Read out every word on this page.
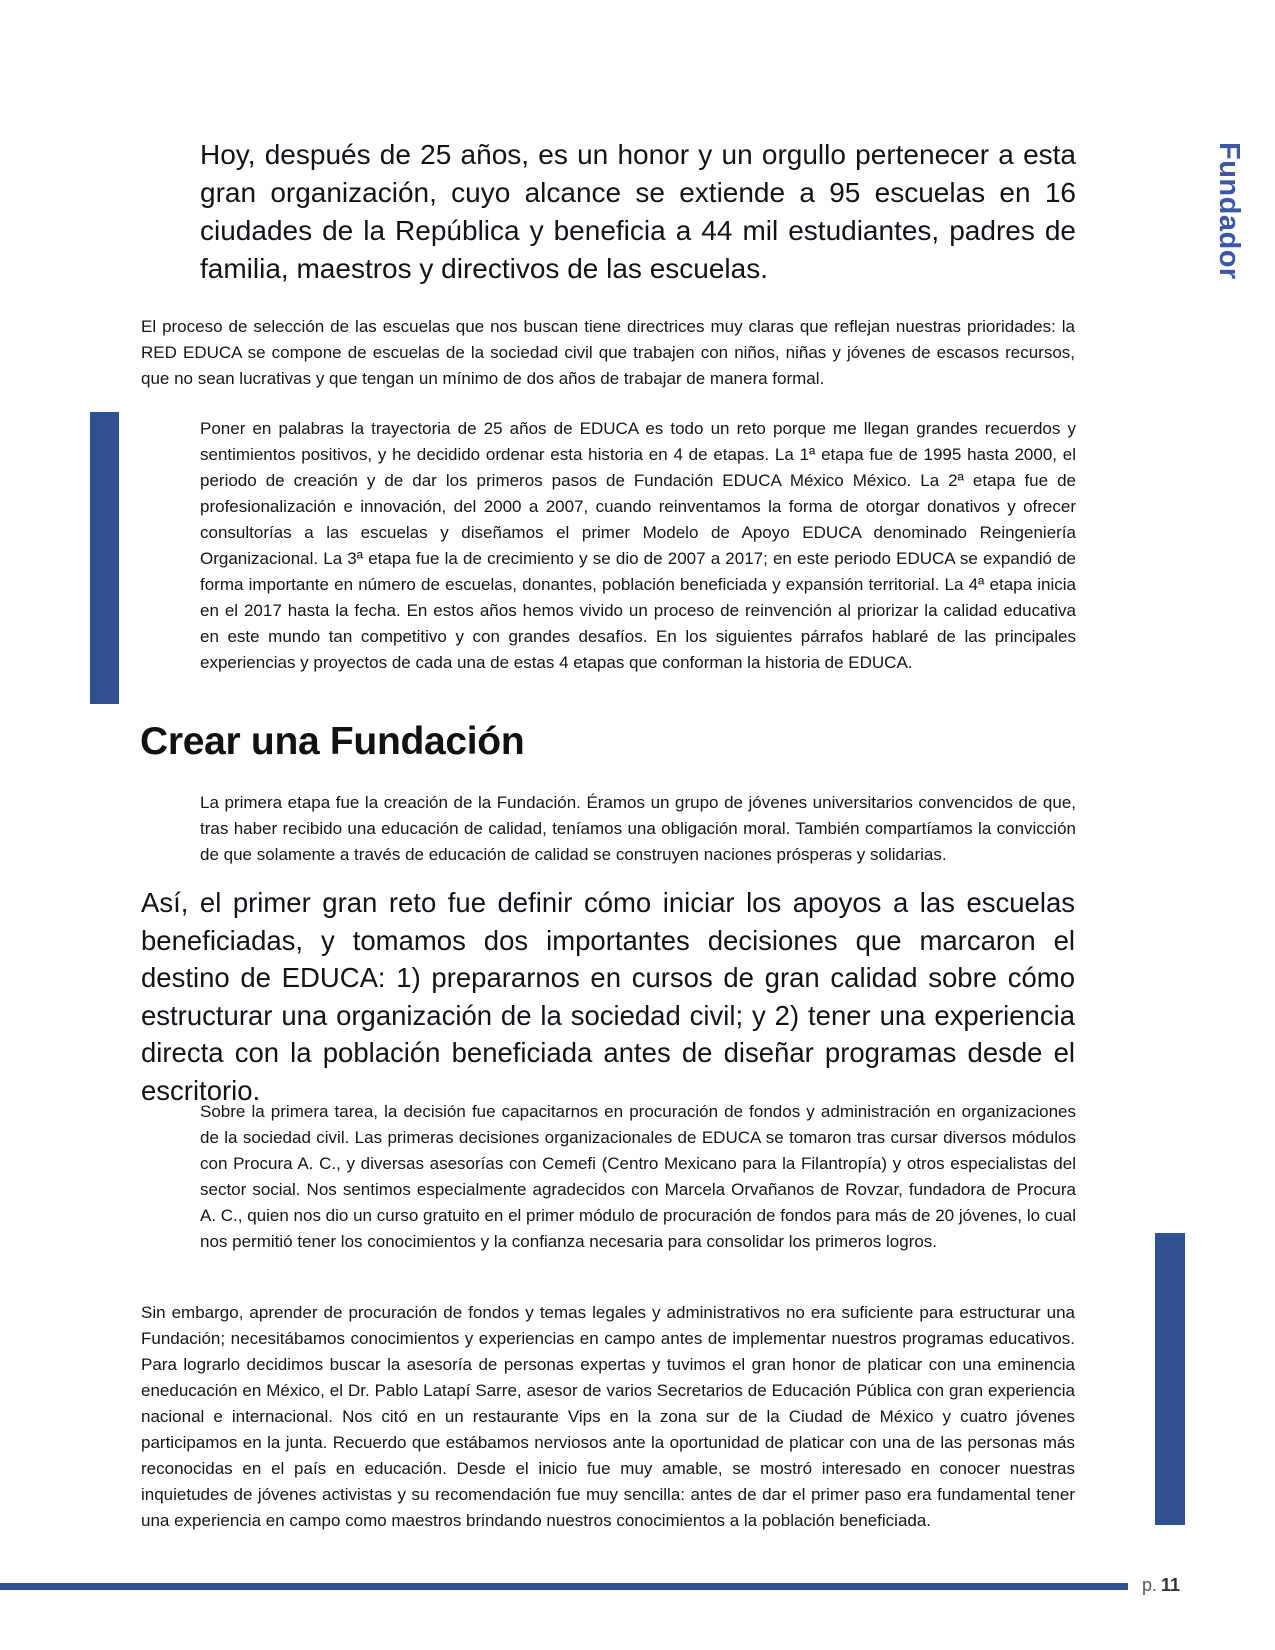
Hoy, después de 25 años, es un honor y un orgullo pertenecer a esta gran organización, cuyo alcance se extiende a 95 escuelas en 16 ciudades de la República y beneficia a 44 mil estudiantes, padres de familia, maestros y directivos de las escuelas.
El proceso de selección de las escuelas que nos buscan tiene directrices muy claras que reflejan nuestras prioridades: la RED EDUCA se compone de escuelas de la sociedad civil que trabajen con niños, niñas y jóvenes de escasos recursos, que no sean lucrativas y que tengan un mínimo de dos años de trabajar de manera formal.
Poner en palabras la trayectoria de 25 años de EDUCA es todo un reto porque me llegan grandes recuerdos y sentimientos positivos, y he decidido ordenar esta historia en 4 de etapas. La 1ª etapa fue de 1995 hasta 2000, el periodo de creación y de dar los primeros pasos de Fundación EDUCA México México. La 2ª etapa fue de profesionalización e innovación, del 2000 a 2007, cuando reinventamos la forma de otorgar donativos y ofrecer consultorías a las escuelas y diseñamos el primer Modelo de Apoyo EDUCA denominado Reingeniería Organizacional. La 3ª etapa fue la de crecimiento y se dio de 2007 a 2017; en este periodo EDUCA se expandió de forma importante en número de escuelas, donantes, población beneficiada y expansión territorial. La 4ª etapa inicia en el 2017 hasta la fecha. En estos años hemos vivido un proceso de reinvención al priorizar la calidad educativa en este mundo tan competitivo y con grandes desafíos. En los siguientes párrafos hablaré de las principales experiencias y proyectos de cada una de estas 4 etapas que conforman la historia de EDUCA.
Crear una Fundación
La primera etapa fue la creación de la Fundación. Éramos un grupo de jóvenes universitarios convencidos de que, tras haber recibido una educación de calidad, teníamos una obligación moral. También compartíamos la convicción de que solamente a través de educación de calidad se construyen naciones prósperas y solidarias.
Así, el primer gran reto fue definir cómo iniciar los apoyos a las escuelas beneficiadas, y tomamos dos importantes decisiones que marcaron el destino de EDUCA: 1) prepararnos en cursos de gran calidad sobre cómo estructurar una organización de la sociedad civil; y 2) tener una experiencia directa con la población beneficiada antes de diseñar programas desde el escritorio.
Sobre la primera tarea, la decisión fue capacitarnos en procuración de fondos y administración en organizaciones de la sociedad civil. Las primeras decisiones organizacionales de EDUCA se tomaron tras cursar diversos módulos con Procura A. C., y diversas asesorías con Cemefi (Centro Mexicano para la Filantropía) y otros especialistas del sector social. Nos sentimos especialmente agradecidos con Marcela Orvañanos de Rovzar, fundadora de Procura A. C., quien nos dio un curso gratuito en el primer módulo de procuración de fondos para más de 20 jóvenes, lo cual nos permitió tener los conocimientos y la confianza necesaria para consolidar los primeros logros.
Sin embargo, aprender de procuración de fondos y temas legales y administrativos no era suficiente para estructurar una Fundación; necesitábamos conocimientos y experiencias en campo antes de implementar nuestros programas educativos. Para lograrlo decidimos buscar la asesoría de personas expertas y tuvimos el gran honor de platicar con una eminencia eneducación en México, el Dr. Pablo Latapí Sarre, asesor de varios Secretarios de Educación Pública con gran experiencia nacional e internacional. Nos citó en un restaurante Vips en la zona sur de la Ciudad de México y cuatro jóvenes participamos en la junta. Recuerdo que estábamos nerviosos ante la oportunidad de platicar con una de las personas más reconocidas en el país en educación. Desde el inicio fue muy amable, se mostró interesado en conocer nuestras inquietudes de jóvenes activistas y su recomendación fue muy sencilla: antes de dar el primer paso era fundamental tener una experiencia en campo como maestros brindando nuestros conocimientos a la población beneficiada.
Fundador
p. 11
